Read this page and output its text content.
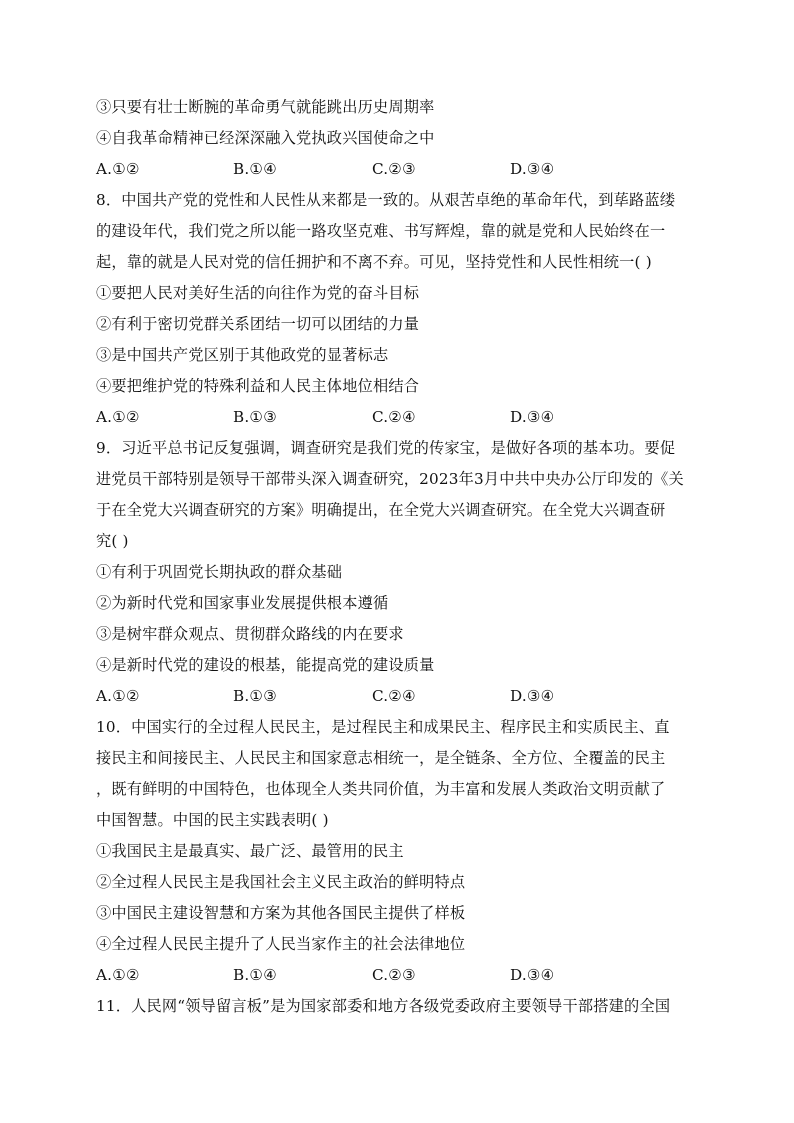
③只要有壮士断腕的革命勇气就能跳出历史周期率
④自我革命精神已经深深融入党执政兴国使命之中
A.①②	B.①④	C.②③	D.③④
8．中国共产党的党性和人民性从来都是一致的。从艰苦卓绝的革命年代，到荜路蓝缕
的建设年代，我们党之所以能一路攻坚克难、书写辉煌，靠的就是党和人民始终在一
起，靠的就是人民对党的信任拥护和不离不弃。可见，坚持党性和人民性相统一( )
①要把人民对美好生活的向往作为党的奋斗目标
②有利于密切党群关系团结一切可以团结的力量
③是中国共产党区别于其他政党的显著标志
④要把维护党的特殊利益和人民主体地位相结合
A.①②	B.①③	C.②④	D.③④
9．习近平总书记反复强调，调查研究是我们党的传家宝，是做好各项的基本功。要促
进党员干部特别是领导干部带头深入调查研究，2023年3月中共中央办公厅印发的《关
于在全党大兴调查研究的方案》明确提出，在全党大兴调查研究。在全党大兴调查研
究( )
①有利于巩固党长期执政的群众基础
②为新时代党和国家事业发展提供根本遵循
③是树牢群众观点、贯彻群众路线的内在要求
④是新时代党的建设的根基，能提高党的建设质量
A.①②	B.①③	C.②④	D.③④
10．中国实行的全过程人民民主，是过程民主和成果民主、程序民主和实质民主、直
接民主和间接民主、人民民主和国家意志相统一，是全链条、全方位、全覆盖的民主
，既有鲜明的中国特色，也体现全人类共同价值，为丰富和发展人类政治文明贡献了
中国智慧。中国的民主实践表明( )
①我国民主是最真实、最广泛、最管用的民主
②全过程人民民主是我国社会主义民主政治的鲜明特点
③中国民主建设智慧和方案为其他各国民主提供了样板
④全过程人民民主提升了人民当家作主的社会法律地位
A.①②	B.①④	C.②③	D.③④
11．人民网“领导留言板”是为国家部委和地方各级党委政府主要领导干部搭建的全国
